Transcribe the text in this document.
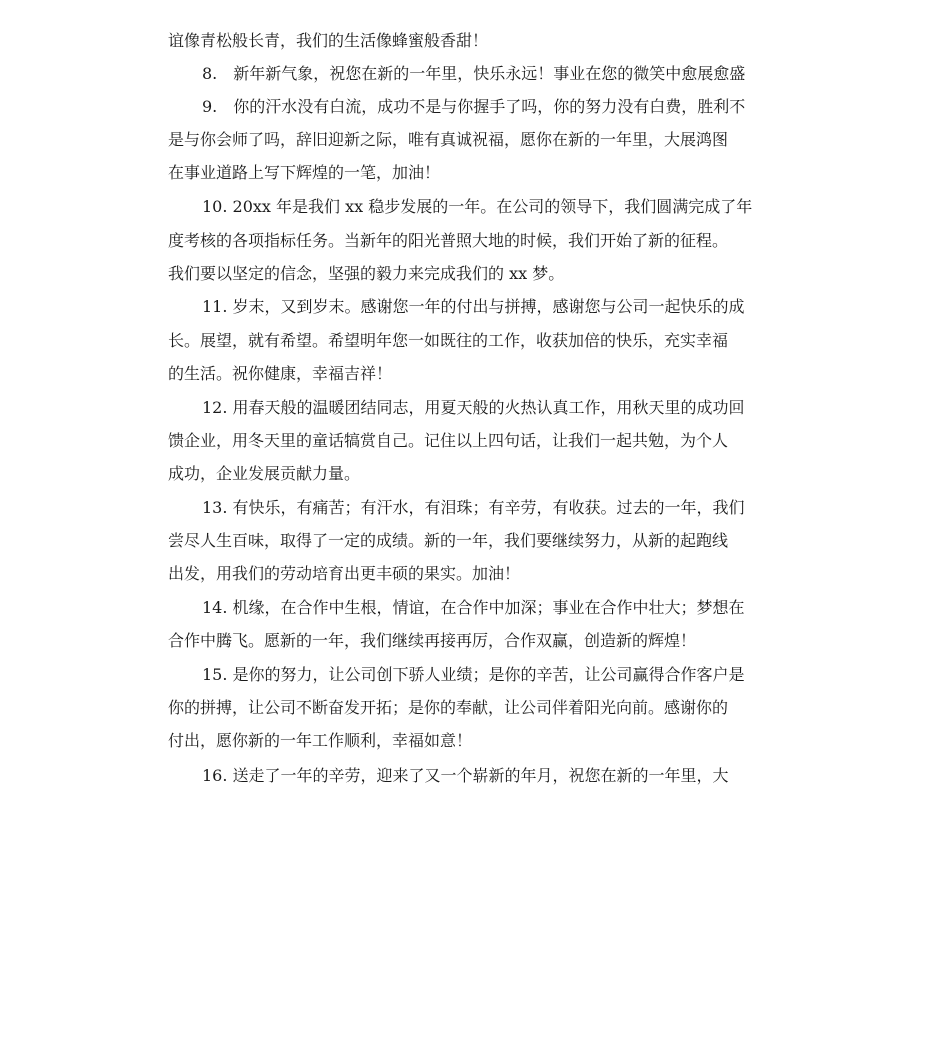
谊像青松般长青，我们的生活像蜂蜜般香甜！
8.　新年新气象，祝您在新的一年里，快乐永远！事业在您的微笑中愈展愈盛
9.　你的汗水没有白流，成功不是与你握手了吗，你的努力没有白费，胜利不
是与你会师了吗，辞旧迎新之际，唯有真诚祝福，愿你在新的一年里，大展鸿图
在事业道路上写下辉煌的一笔，加油！
10. 20xx 年是我们 xx 稳步发展的一年。在公司的领导下，我们圆满完成了年
度考核的各项指标任务。当新年的阳光普照大地的时候，我们开始了新的征程。
我们要以坚定的信念，坚强的毅力来完成我们的 xx 梦。
11. 岁末，又到岁末。感谢您一年的付出与拼搏，感谢您与公司一起快乐的成
长。展望，就有希望。希望明年您一如既往的工作，收获加倍的快乐，充实幸福
的生活。祝你健康，幸福吉祥！
12. 用春天般的温暖团结同志，用夏天般的火热认真工作，用秋天里的成功回
馈企业，用冬天里的童话犒赏自己。记住以上四句话，让我们一起共勉，为个人
成功，企业发展贡献力量。
13. 有快乐，有痛苦；有汗水，有泪珠；有辛劳，有收获。过去的一年，我们
尝尽人生百味，取得了一定的成绩。新的一年，我们要继续努力，从新的起跑线
出发，用我们的劳动培育出更丰硕的果实。加油！
14. 机缘，在合作中生根，情谊，在合作中加深；事业在合作中壮大；梦想在
合作中腾飞。愿新的一年，我们继续再接再厉，合作双赢，创造新的辉煌！
15. 是你的努力，让公司创下骄人业绩；是你的辛苦，让公司赢得合作客户是
你的拼搏，让公司不断奋发开拓；是你的奉献，让公司伴着阳光向前。感谢你的
付出，愿你新的一年工作顺利，幸福如意！
16. 送走了一年的辛劳，迎来了又一个崭新的年月，祝您在新的一年里，大
